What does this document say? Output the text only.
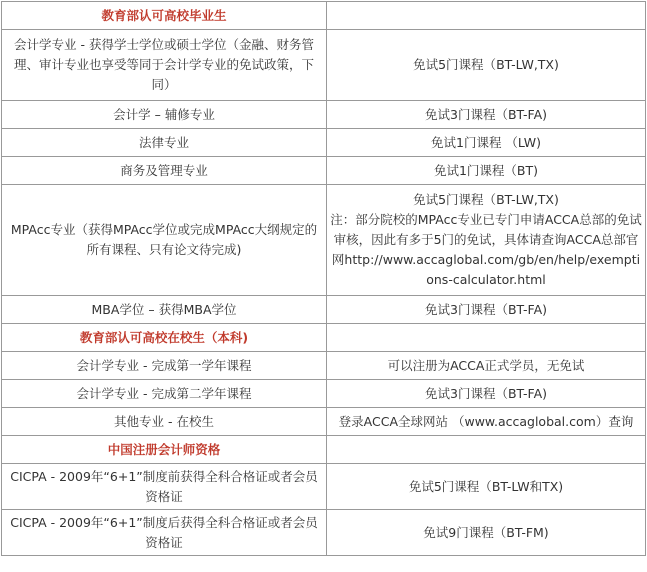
教育部认可高校毕业生	
会计学专业 - 获得学士学位或硕士学位（金融、财务管理、审计专业也享受等同于会计学专业的免试政策，下同）	免试5门课程（BT-LW,TX)
会计学 – 辅修专业	免试3门课程（BT-FA)
法律专业	免试1门课程 （LW)
商务及管理专业	免试1门课程（BT)
MPAcc专业（获得MPAcc学位或完成MPAcc大纲规定的所有课程、只有论文待完成)	免试5门课程（BT-LW,TX)
注：部分院校的MPAcc专业已专门申请ACCA总部的免试审核，因此有多于5门的免试，具体请查询ACCA总部官网http://www.accaglobal.com/gb/en/help/exemptions-calculator.html

MBA学位 – 获得MBA学位	免试3门课程（BT-FA)
教育部认可高校在校生（本科)	
会计学专业 - 完成第一学年课程	可以注册为ACCA正式学员，无免试
会计学专业 - 完成第二学年课程	免试3门课程（BT-FA)
其他专业 - 在校生	登录ACCA全球网站 （www.accaglobal.com）查询
中国注册会计师资格	
CICPA - 2009年“6+1”制度前获得全科合格证或者会员资格证	免试5门课程（BT-LW和TX)
CICPA - 2009年“6+1”制度后获得全科合格证或者会员资格证	免试9门课程（BT-FM)
